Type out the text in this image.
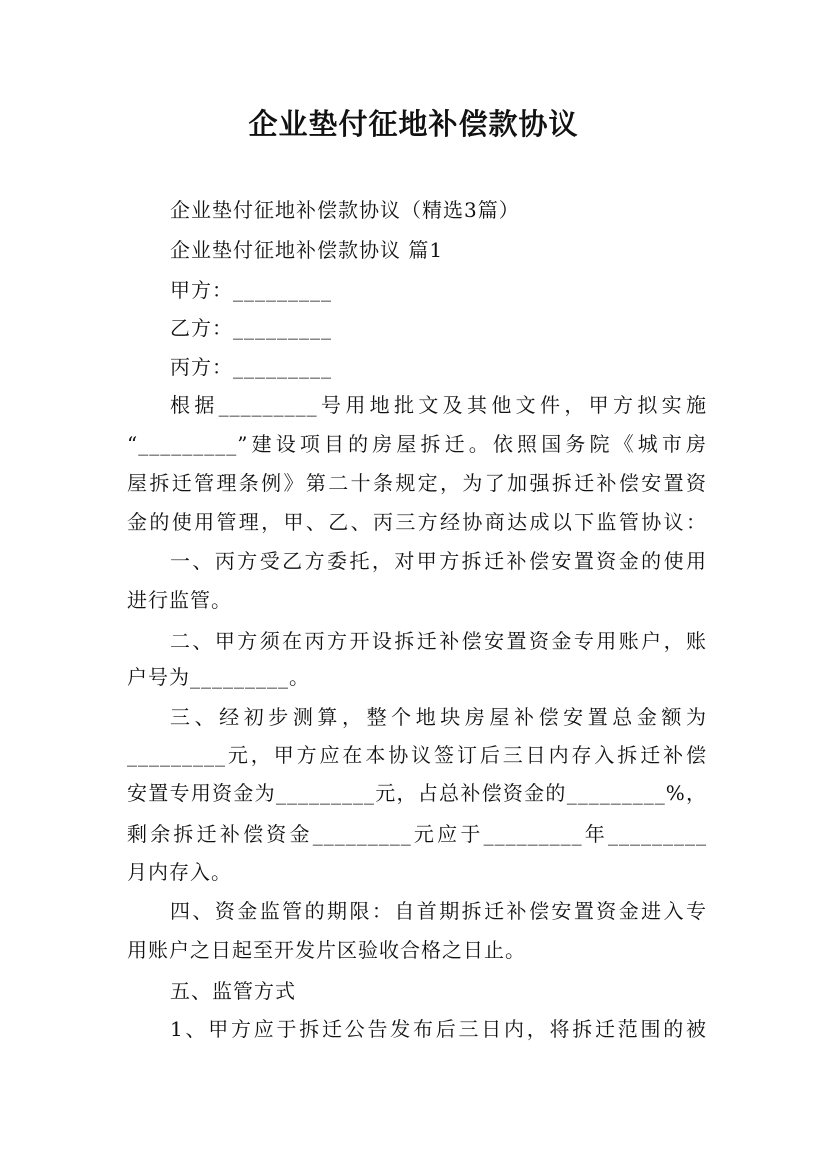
企业垫付征地补偿款协议
企业垫付征地补偿款协议（精选3篇）
企业垫付征地补偿款协议 篇1
甲方：_________
乙方：_________
丙方：_________
根据_________号用地批文及其他文件，甲方拟实施
“_________”建设项目的房屋拆迁。依照国务院《城市房
屋拆迁管理条例》第二十条规定，为了加强拆迁补偿安置资
金的使用管理，甲、乙、丙三方经协商达成以下监管协议：
一、丙方受乙方委托，对甲方拆迁补偿安置资金的使用
进行监管。
二、甲方须在丙方开设拆迁补偿安置资金专用账户，账
户号为_________。
三、经初步测算，整个地块房屋补偿安置总金额为
_________元，甲方应在本协议签订后三日内存入拆迁补偿
安置专用资金为_________元，占总补偿资金的_________%，
剩余拆迁补偿资金_________元应于_________年_________
月内存入。
四、资金监管的期限：自首期拆迁补偿安置资金进入专
用账户之日起至开发片区验收合格之日止。
五、监管方式
1、甲方应于拆迁公告发布后三日内，将拆迁范围的被
